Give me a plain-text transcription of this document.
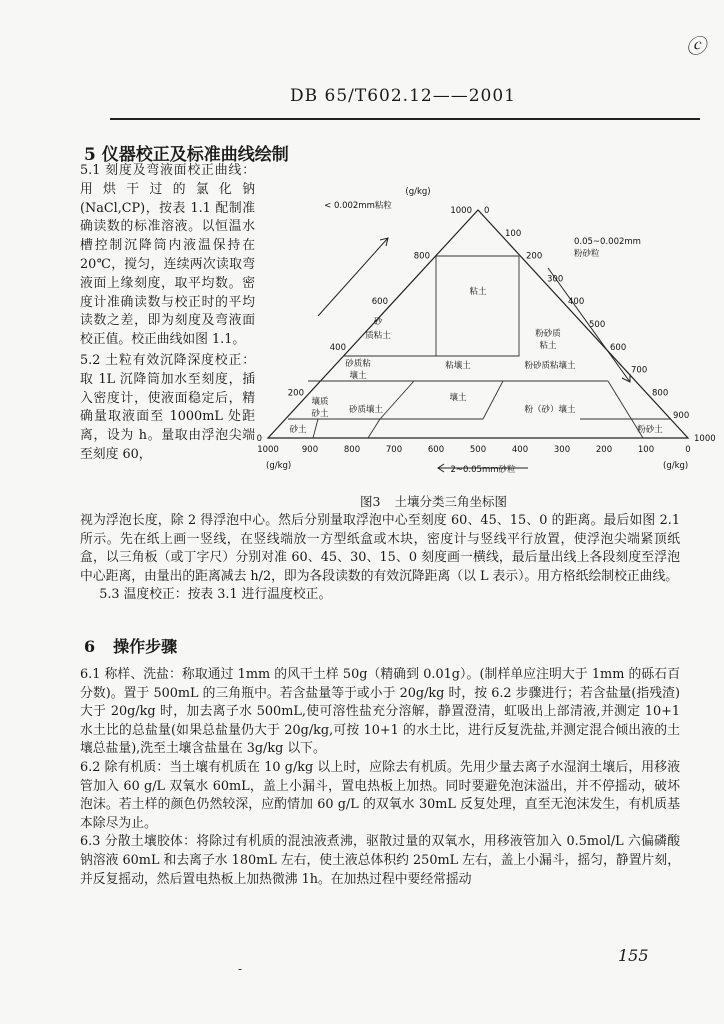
ⓒ
DB 65/T602.12——2001
5 仪器校正及标准曲线绘制

5.1 刻度及弯液面校正曲线：用烘干过的氯化钠(NaCl,CP)，按表 1.1 配制准确读数的标准溶液。以恒温水槽控制沉降筒内液温保持在 20℃，搅匀，连续两次读取弯液面上缘刻度，取平均数。密度计准确读数与校正时的平均读数之差，即为刻度及弯液面校正值。校正曲线如图 1.1。

5.2 土粒有效沉降深度校正：取 1L 沉降筒加水至刻度，插入密度计，使液面稳定后，精确量取液面至 1000mL 处距离，设为 h。量取由浮泡尖端至刻度 60，

1000
800
600
400
200
0
0
100
200
300
400
500
600
700
800
900
1000
1000	900	800	700	600	500	400	300	200	100	0
< 0.002mm粘粒
(g/kg)
0.05~0.002mm
粉砂粒
2~0.05mm砂粒
(g/kg)	(g/kg)
粘土
砂
质粘土	粉砂质
粘土
砂质粘
壤土
粘壤土	粉砂质粘壤土
壤土
砂质壤土	粉（砂）壤土
壤质
砂土
砂土	粉砂土
图3 土壤分类三角坐标图

视为浮泡长度，除 2 得浮泡中心。然后分别量取浮泡中心至刻度 60、45、15、0 的距离。最后如图 2.1 所示。先在纸上画一竖线，在竖线端放一方型纸盒或木块，密度计与竖线平行放置，使浮泡尖端紧顶纸盒，以三角板（或丁字尺）分别对准 60、45、30、15、0 刻度画一横线，最后量出线上各段刻度至浮泡中心距离，由量出的距离减去 h/2，即为各段读数的有效沉降距离（以 L 表示）。用方格纸绘制校正曲线。

5.3 温度校正：按表 3.1 进行温度校正。

6 操作步骤

6.1 称样、洗盐：称取通过 1mm 的风干土样 50g（精确到 0.01g）。(制样单应注明大于 1mm 的砾石百分数)。置于 500mL 的三角瓶中。若含盐量等于或小于 20g/kg 时，按 6.2 步骤进行；若含盐量(指残渣)大于 20g/kg 时，加去离子水 500mL,使可溶性盐充分溶解，静置澄清，虹吸出上部清液,并测定 10+1 水土比的总盐量(如果总盐量仍大于 20g/kg,可按 10+1 的水土比，进行反复洗盐,并测定混合倾出液的土壤总盐量),洗至土壤含盐量在 3g/kg 以下。

6.2 除有机质：当土壤有机质在 10 g/kg 以上时，应除去有机质。先用少量去离子水湿润土壤后，用移液管加入 60 g/L 双氧水 60mL，盖上小漏斗，置电热板上加热。同时要避免泡沫溢出，并不停摇动，破坏泡沫。若土样的颜色仍然较深，应酌情加 60 g/L 的双氧水 30mL 反复处理，直至无泡沫发生，有机质基本除尽为止。

6.3 分散土壤胶体：将除过有机质的混浊液煮沸，驱散过量的双氧水，用移液管加入 0.5mol/L 六偏磷酸钠溶液 60mL 和去离子水 180mL 左右，使土液总体积约 250mL 左右，盖上小漏斗，摇匀，静置片刻，并反复摇动，然后置电热板上加热微沸 1h。在加热过程中要经常摇动

155
-
